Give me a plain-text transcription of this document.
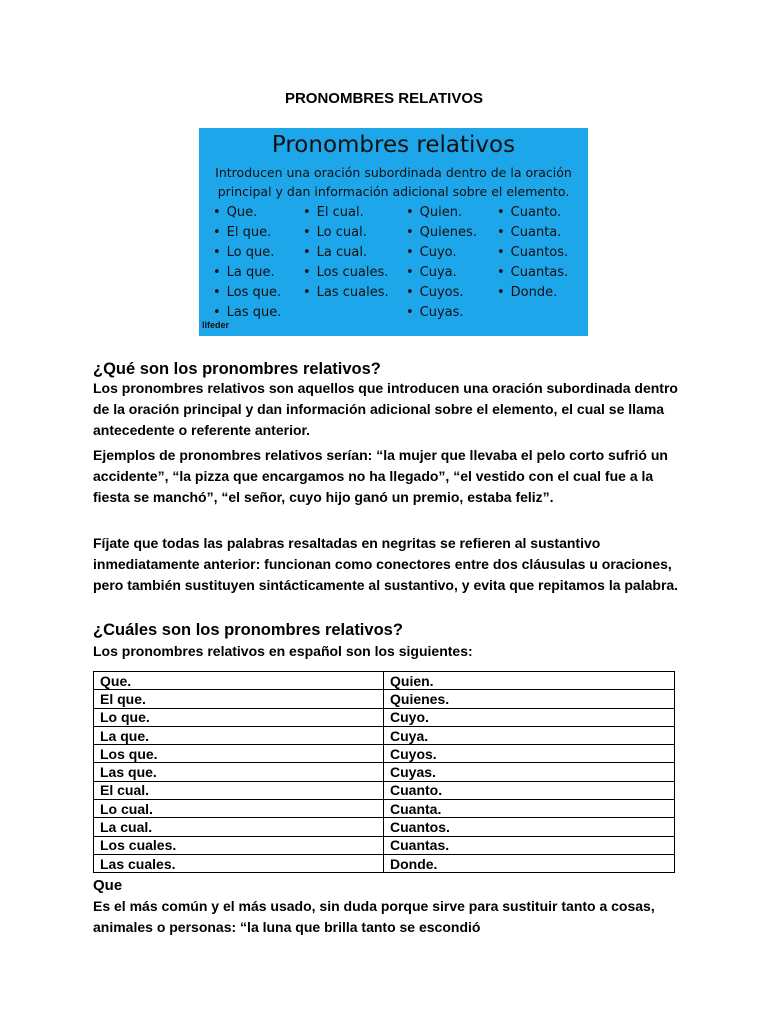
PRONOMBRES RELATIVOS
Pronombres relativos
Introducen una oración subordinada dentro de la oración
principal y dan información adicional sobre el elemento.
• Que.
• El que.
• Lo que.
• La que.
• Los que.
• Las que.
• El cual.
• Lo cual.
• La cual.
• Los cuales.
• Las cuales.
• Quien.
• Quienes.
• Cuyo.
• Cuya.
• Cuyos.
• Cuyas.
• Cuanto.
• Cuanta.
• Cuantos.
• Cuantas.
• Donde.
lifeder
¿Qué son los pronombres relativos?

Los pronombres relativos son aquellos que introducen una oración subordinada dentro de la oración principal y dan información adicional sobre el elemento, el cual se llama antecedente o referente anterior.

Ejemplos de pronombres relativos serían: “la mujer que llevaba el pelo corto sufrió un accidente”, “la pizza que encargamos no ha llegado”, “el vestido con el cual fue a la fiesta se manchó”, “el señor, cuyo hijo ganó un premio, estaba feliz”.

Fíjate que todas las palabras resaltadas en negritas se refieren al sustantivo inmediatamente anterior: funcionan como conectores entre dos cláusulas u oraciones, pero también sustituyen sintácticamente al sustantivo, y evita que repitamos la palabra.

¿Cuáles son los pronombres relativos?

Los pronombres relativos en español son los siguientes:

Que.	Quien.
El que.	Quienes.
Lo que.	Cuyo.
La que.	Cuya.
Los que.	Cuyos.
Las que.	Cuyas.
El cual.	Cuanto.
Lo cual.	Cuanta.
La cual.	Cuantos.
Los cuales.	Cuantas.
Las cuales.	Donde.
Que

Es el más común y el más usado, sin duda porque sirve para sustituir tanto a cosas, animales o personas: “la luna que brilla tanto se escondió
